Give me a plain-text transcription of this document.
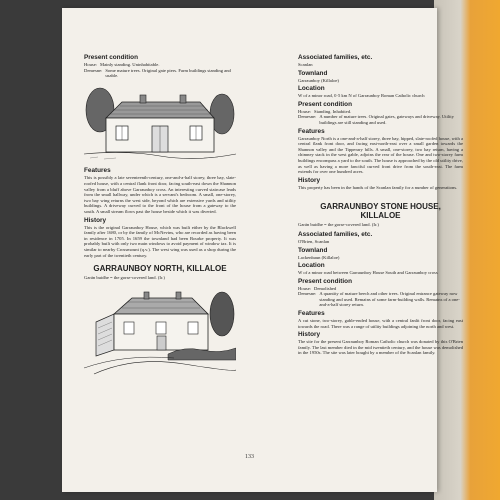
Present condition
House: Mainly standing. Uninhabitable.
Demesne: Some mature trees. Original gate piers. Farm buildings standing and usable.
Features

This is possibly a late seventeenth-century, one-and-a-half storey, three bay, slate-roofed house, with a central flank front door, facing south-east down the Shannon valley from a bluff above Garraunboy cross. An interesting curved staircase leads from the small hallway, under which is a servant's bedroom. A small, one-storey, two bay wing returns the west side, beyond which are extensive yards and utility buildings. A driveway curved to the front of the house from a gateway to the south. A small stream flows past the house beside which it was diverted.

History

This is the original Garraunboy House, which was built either by the Blackwell family after 1680, or by the family of McNevins, who are recorded as having been in residence in 1705. In 1659 the townland had been Bourke property. It was probably built with only two main windows to avoid payment of window tax. It is similar to nearby Crossmount (q.v.). The west wing was used as a shop during the early part of the twentieth century.

GARRAUNBOY NORTH, KILLALOE
Garán buidhe = the gorse-covered land. (Ir.)
Associated families, etc.
Scanlan
Townland
Garraunboy (Killaloe)
Location
W of a minor road, 0·5 km N of Garraunboy Roman Catholic church
Present condition
House: Standing. Inhabited.
Demesne: A number of mature trees. Original gates, gateways and driveway. Utility buildings are still standing and used.
Features

Garraunboy North is a one-and-a-half storey, three bay, hipped, slate-roofed house, with a central flank front door, and facing east-north-east over a small garden towards the Shannon valley and the Tipperary hills. A small, one-storey, two bay return, having a chimney stack in the west gable, adjoins the rear of the house. One and two-storey farm buildings encompass a yard to the south. The house is approached by the old utility drive, as well as having a more fanciful curved front drive from the south-east. The farm extends for over one hundred acres.

History

This property has been in the hands of the Scanlan family for a number of generations.

GARRAUNBOY STONE HOUSE,
KILLALOE
Garán buidhe = the gorse-covered land. (Ir.)
Associated families, etc.
O'Brien, Scanlan
Townland
Lackenbaun (Killaloe)
Location
W of a minor road between Garraunboy House South and Garraunboy cross
Present condition
House: Demolished
Demesne: A quantity of mature beech and other trees. Original entrance gateway now standing and used. Remains of some farm-building walls. Remains of a one-and-a-half storey return.
Features

A cut stone, two-storey, gable-ended house, with a central fanlit front door, facing east towards the road. There was a range of utility buildings adjoining the north and west.

History

The site for the present Garraunboy Roman Catholic church was donated by this O'Brien family. The last member died in the mid twentieth century, and the house was demolished in the 1950s. The site was later bought by a member of the Scanlan family.

133
